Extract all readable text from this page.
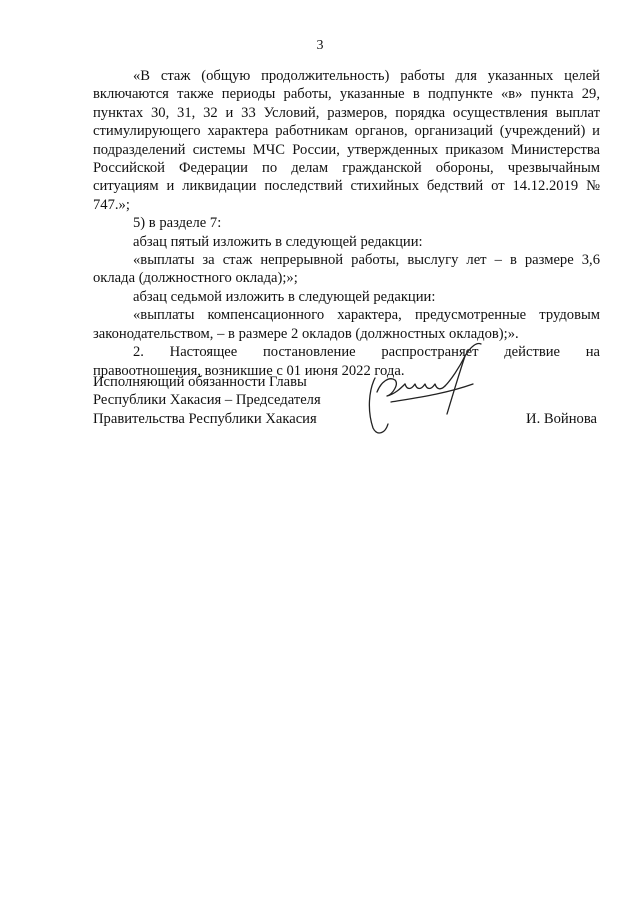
3

«В стаж (общую продолжительность) работы для указанных целей включаются также периоды работы, указанные в подпункте «в» пункта 29, пунктах 30, 31, 32 и 33 Условий, размеров, порядка осуществления выплат стимулирующего характера работникам органов, организаций (учреждений) и подразделений системы МЧС России, утвержденных приказом Министерства Российской Федерации по делам гражданской обороны, чрезвычайным ситуациям и ликвидации последствий стихийных бедствий от 14.12.2019 № 747.»;

5) в разделе 7:

абзац пятый изложить в следующей редакции:

«выплаты за стаж непрерывной работы, выслугу лет – в размере 3,6 оклада (должностного оклада);»;

абзац седьмой изложить в следующей редакции:

«выплаты компенсационного характера, предусмотренные трудовым законодательством, – в размере 2 окладов (должностных окладов);».

2. Настоящее постановление распространяет действие на правоотношения, возникшие с 01 июня 2022 года.

Исполняющий обязанности Главы
Республики Хакасия – Председателя
Правительства Республики Хакасия	И. Войнова
